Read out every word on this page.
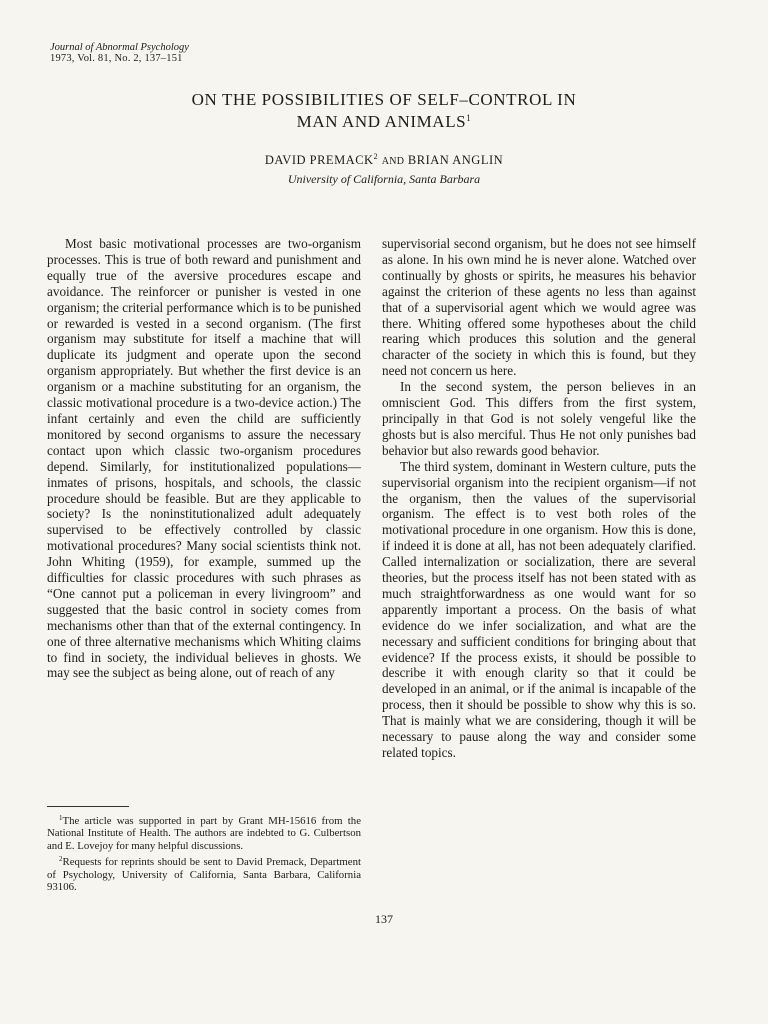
Journal of Abnormal Psychology
1973, Vol. 81, No. 2, 137–151
ON THE POSSIBILITIES OF SELF–CONTROL IN
MAN AND ANIMALS$^1$
DAVID PREMACK$^2$ AND BRIAN ANGLIN
University of California, Santa Barbara

Most basic motivational processes are two-organism processes. This is true of both reward and punishment and equally true of the aversive procedures escape and avoidance. The reinforcer or punisher is vested in one organism; the criterial performance which is to be punished or rewarded is vested in a second organism. (The first organism may substitute for itself a machine that will duplicate its judgment and operate upon the second organism appropriately. But whether the first device is an organism or a machine substituting for an organism, the classic motivational procedure is a two-device action.) The infant certainly and even the child are sufficiently monitored by second organisms to assure the necessary contact upon which classic two-organism procedures depend. Similarly, for institutionalized populations—inmates of prisons, hospitals, and schools, the classic procedure should be feasible. But are they applicable to society? Is the noninstitutionalized adult adequately supervised to be effectively controlled by classic motivational procedures? Many social scientists think not. John Whiting (1959), for example, summed up the difficulties for classic procedures with such phrases as “One cannot put a policeman in every livingroom” and suggested that the basic control in society comes from mechanisms other than that of the external contingency. In one of three alternative mechanisms which Whiting claims to find in society, the individual believes in ghosts. We may see the subject as being alone, out of reach of any

supervisorial second organism, but he does not see himself as alone. In his own mind he is never alone. Watched over continually by ghosts or spirits, he measures his behavior against the criterion of these agents no less than against that of a supervisorial agent which we would agree was there. Whiting offered some hypotheses about the child rearing which produces this solution and the general character of the society in which this is found, but they need not concern us here.

In the second system, the person believes in an omniscient God. This differs from the first system, principally in that God is not solely vengeful like the ghosts but is also merciful. Thus He not only punishes bad behavior but also rewards good behavior.

The third system, dominant in Western culture, puts the supervisorial organism into the recipient organism—if not the organism, then the values of the supervisorial organism. The effect is to vest both roles of the motivational procedure in one organism. How this is done, if indeed it is done at all, has not been adequately clarified. Called internalization or socialization, there are several theories, but the process itself has not been stated with as much straightforwardness as one would want for so apparently important a process. On the basis of what evidence do we infer socialization, and what are the necessary and sufficient conditions for bringing about that evidence? If the process exists, it should be possible to describe it with enough clarity so that it could be developed in an animal, or if the animal is incapable of the process, then it should be possible to show why this is so. That is mainly what we are considering, though it will be necessary to pause along the way and consider some related topics.

$^1$The article was supported in part by Grant MH-15616 from the National Institute of Health. The authors are indebted to G. Culbertson and E. Lovejoy for many helpful discussions.

$^2$Requests for reprints should be sent to David Premack, Department of Psychology, University of California, Santa Barbara, California 93106.

137
